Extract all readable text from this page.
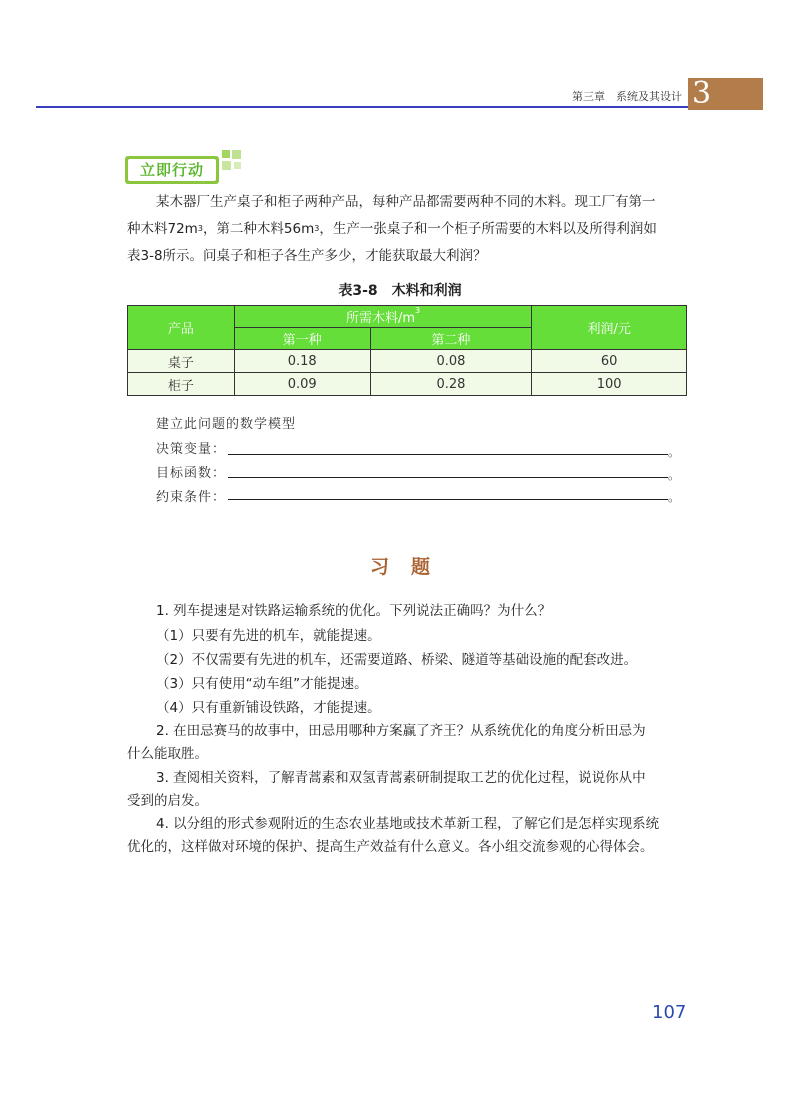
第三章　系统及其设计 3
立即行动
某木器厂生产桌子和柜子两种产品，每种产品都需要两种不同的木料。现工厂有第一
种木料$72m^3$，第二种木料$56m^3$，生产一张桌子和一个柜子所需要的木料以及所得利润如
表3-8所示。问桌子和柜子各生产多少，才能获取最大利润？
表3-8　木料和利润
产品	所需木料$/m^3$		利润/元
	第一种	第二种	
桌子	0.18	0.08	60
柜子	0.09	0.28	100
建立此问题的数学模型
决策变量：	。
目标函数：	。
约束条件：	。
习题
1. 列车提速是对铁路运输系统的优化。下列说法正确吗？为什么？
（1）只要有先进的机车，就能提速。
（2）不仅需要有先进的机车，还需要道路、桥梁、隧道等基础设施的配套改进。
（3）只有使用“动车组”才能提速。
（4）只有重新铺设铁路，才能提速。
2. 在田忌赛马的故事中，田忌用哪种方案赢了齐王？从系统优化的角度分析田忌为
什么能取胜。
3. 查阅相关资料，了解青蒿素和双氢青蒿素研制提取工艺的优化过程，说说你从中
受到的启发。
4. 以分组的形式参观附近的生态农业基地或技术革新工程，了解它们是怎样实现系统
优化的，这样做对环境的保护、提高生产效益有什么意义。各小组交流参观的心得体会。
107
